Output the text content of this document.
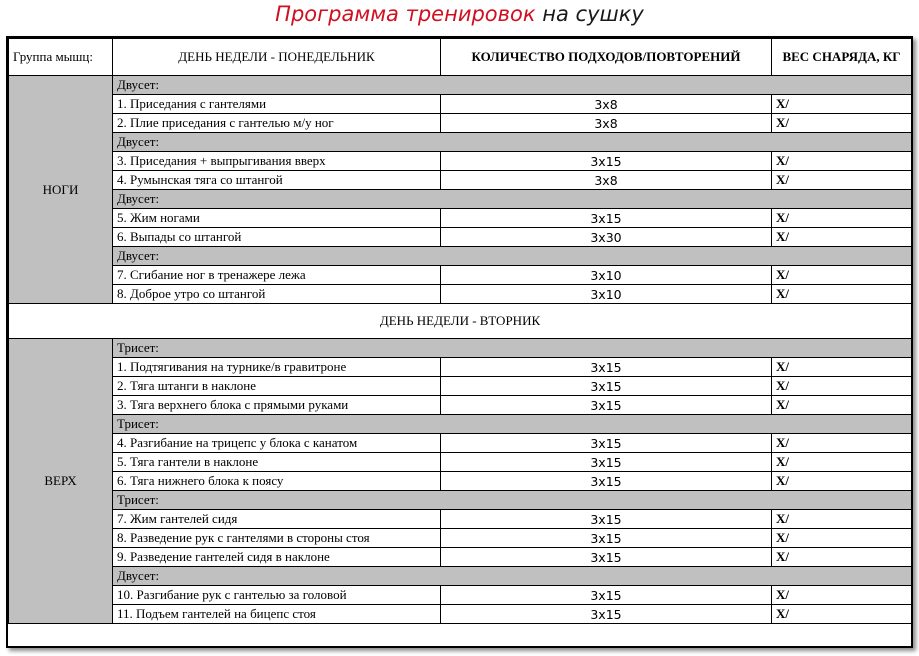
Программа тренировок на сушку
Группа мышц:	ДЕНЬ НЕДЕЛИ - ПОНЕДЕЛЬНИК	КОЛИЧЕСТВО ПОДХОДОВ/ПОВТОРЕНИЙ	ВЕС СНАРЯДА, КГ
НОГИ	Двусет:		
	1. Приседания с гантелями	3х8	Х/
	2. Плие приседания с гантелью м/у ног	3х8	Х/
	Двусет:		
	3. Приседания + выпрыгивания вверх	3х15	Х/
	4. Румынская тяга со штангой	3х8	Х/
	Двусет:		
	5. Жим ногами	3х15	Х/
	6. Выпады со штангой	3х30	Х/
	Двусет:		
	7. Сгибание ног в тренажере лежа	3х10	Х/
	8. Доброе утро со штангой	3х10	Х/
ДЕНЬ НЕДЕЛИ - ВТОРНИК			
ВЕРХ	Трисет:		
	1. Подтягивания на турнике/в гравитроне	3х15	Х/
	2. Тяга штанги в наклоне	3х15	Х/
	3. Тяга верхнего блока с прямыми руками	3х15	Х/
	Трисет:		
	4. Разгибание на трицепс у блока с канатом	3х15	Х/
	5. Тяга гантели в наклоне	3х15	Х/
	6. Тяга нижнего блока к поясу	3х15	Х/
	Трисет:		
	7. Жим гантелей сидя	3х15	Х/
	8. Разведение рук с гантелями в стороны стоя	3х15	Х/
	9. Разведение гантелей сидя в наклоне	3х15	Х/
	Двусет:		
	10. Разгибание рук с гантелью за головой	3х15	Х/
	11. Подъем гантелей на бицепс стоя	3х15	Х/
